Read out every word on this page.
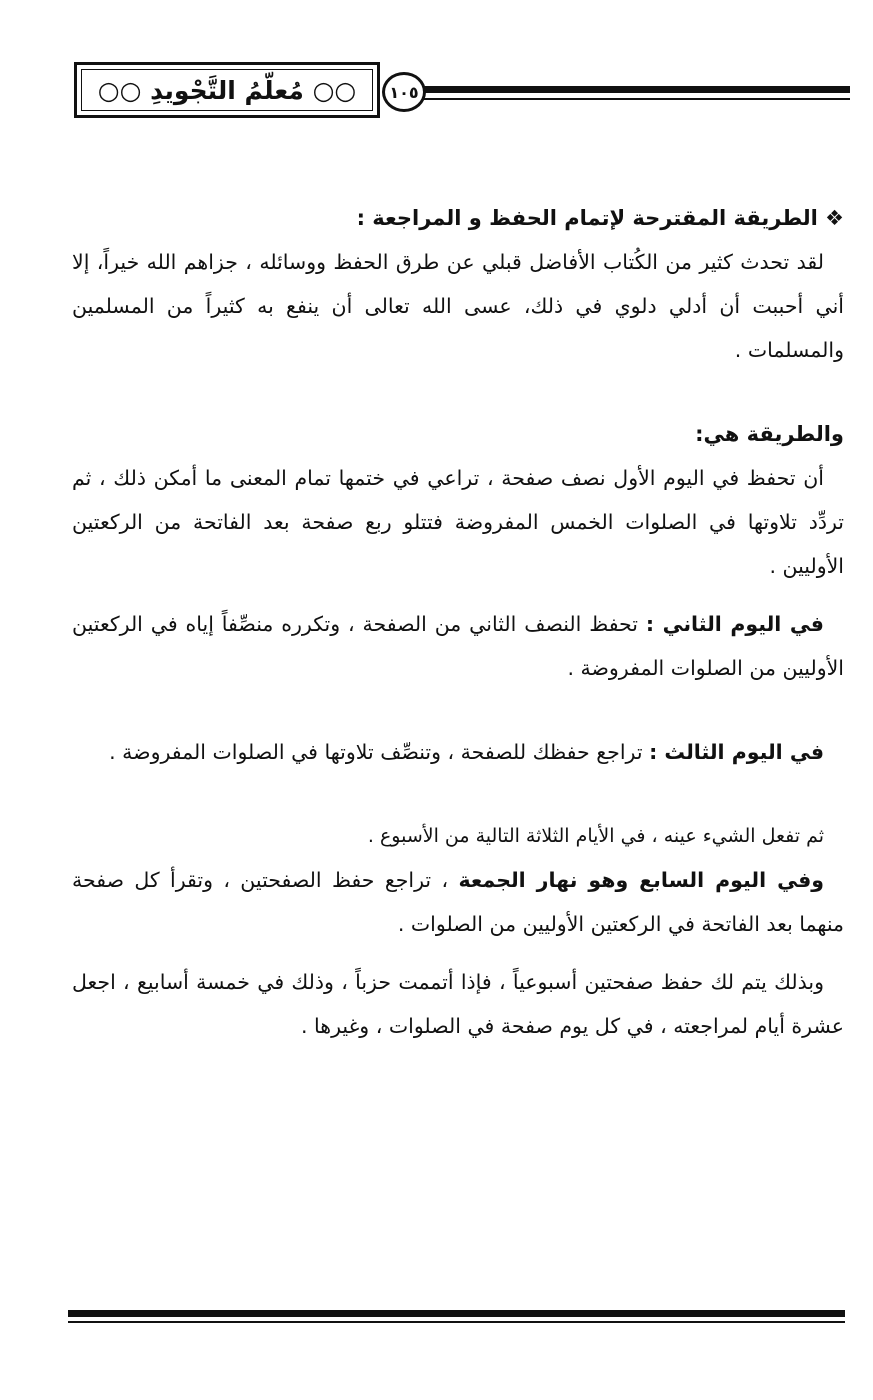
○○ مُعلّمُ التَّجْويدِ ○○	١٠٥

❖ الطريقة المقترحة لإتمام الحفظ و المراجعة :

لقد تحدث كثير من الكُتاب الأفاضل قبلي عن طرق الحفظ ووسائله ، جزاهم الله خيراً، إلا أني أحببت أن أدلي دلوي في ذلك، عسى الله تعالى أن ينفع به كثيراً من المسلمين والمسلمات .

والطريقة هي:

أن تحفظ في اليوم الأول نصف صفحة ، تراعي في ختمها تمام المعنى ما أمكن ذلك ، ثم تردِّد تلاوتها في الصلوات الخمس المفروضة فتتلو ربع صفحة بعد الفاتحة من الركعتين الأوليين .

في اليوم الثاني : تحفظ النصف الثاني من الصفحة ، وتكرره منصِّفاً إياه في الركعتين الأوليين من الصلوات المفروضة .

في اليوم الثالث : تراجع حفظك للصفحة ، وتنصِّف تلاوتها في الصلوات المفروضة .

ثم تفعل الشيء عينه ، في الأيام الثلاثة التالية من الأسبوع .

وفي اليوم السابع وهو نهار الجمعة ، تراجع حفظ الصفحتين ، وتقرأ كل صفحة منهما بعد الفاتحة في الركعتين الأوليين من الصلوات .

وبذلك يتم لك حفظ صفحتين أسبوعياً ، فإذا أتممت حزباً ، وذلك في خمسة أسابيع ، اجعل عشرة أيام لمراجعته ، في كل يوم صفحة في الصلوات ، وغيرها .
